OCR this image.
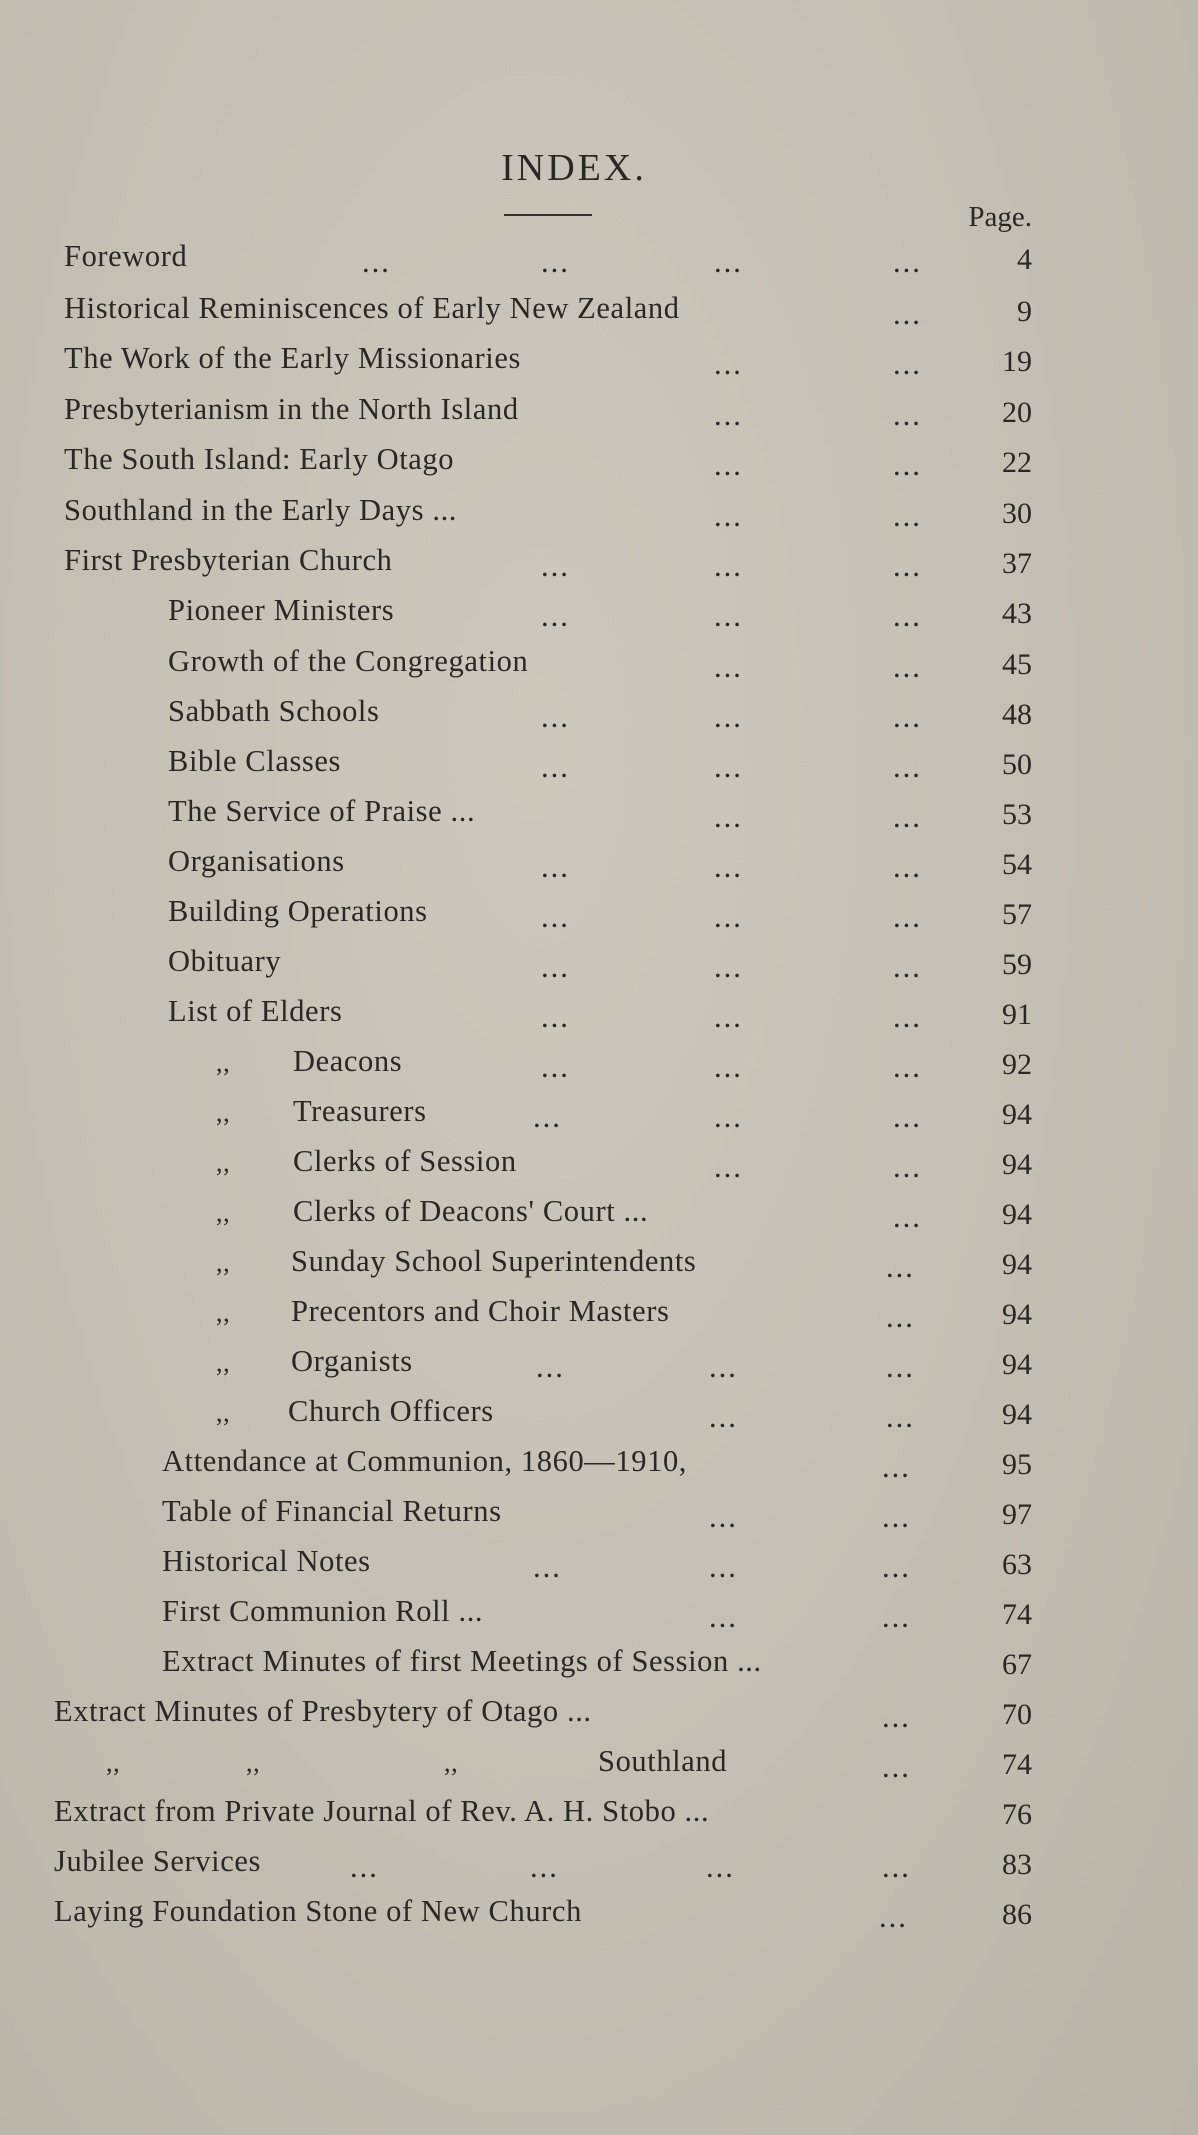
INDEX.
Page.
Foreword	...	...	...	...	4
Historical Reminiscences of Early New Zealand	...	9
The Work of the Early Missionaries	...	...	19
Presbyterianism in the North Island	...	...	20
The South Island: Early Otago	...	...	22
Southland in the Early Days ...	...	...	30
First Presbyterian Church	...	...	...	37
Pioneer Ministers	...	...	...	43
Growth of the Congregation	...	...	45
Sabbath Schools	...	...	...	48
Bible Classes	...	...	...	50
The Service of Praise ...	...	...	53
Organisations	...	...	...	54
Building Operations	...	...	...	57
Obituary	...	...	...	59
List of Elders	...	...	...	91
,, Deacons	...	...	...	92
,, Treasurers	...	...	...	94
,, Clerks of Session	...	...	94
,, Clerks of Deacons' Court ...	...	94
,, Sunday School Superintendents	...	94
,, Precentors and Choir Masters	...	94
,, Organists	...	...	...	94
,, Church Officers	...	...	94
Attendance at Communion, 1860—1910,	...	95
Table of Financial Returns	...	...	97
Historical Notes	...	...	...	63
First Communion Roll ...	...	...	74
Extract Minutes of first Meetings of Session ...	67
Extract Minutes of Presbytery of Otago ...	...	70
,,	,,	,,	Southland	...	74
Extract from Private Journal of Rev. A. H. Stobo ...	76
Jubilee Services	...	...	...	...	83
Laying Foundation Stone of New Church	...	86
